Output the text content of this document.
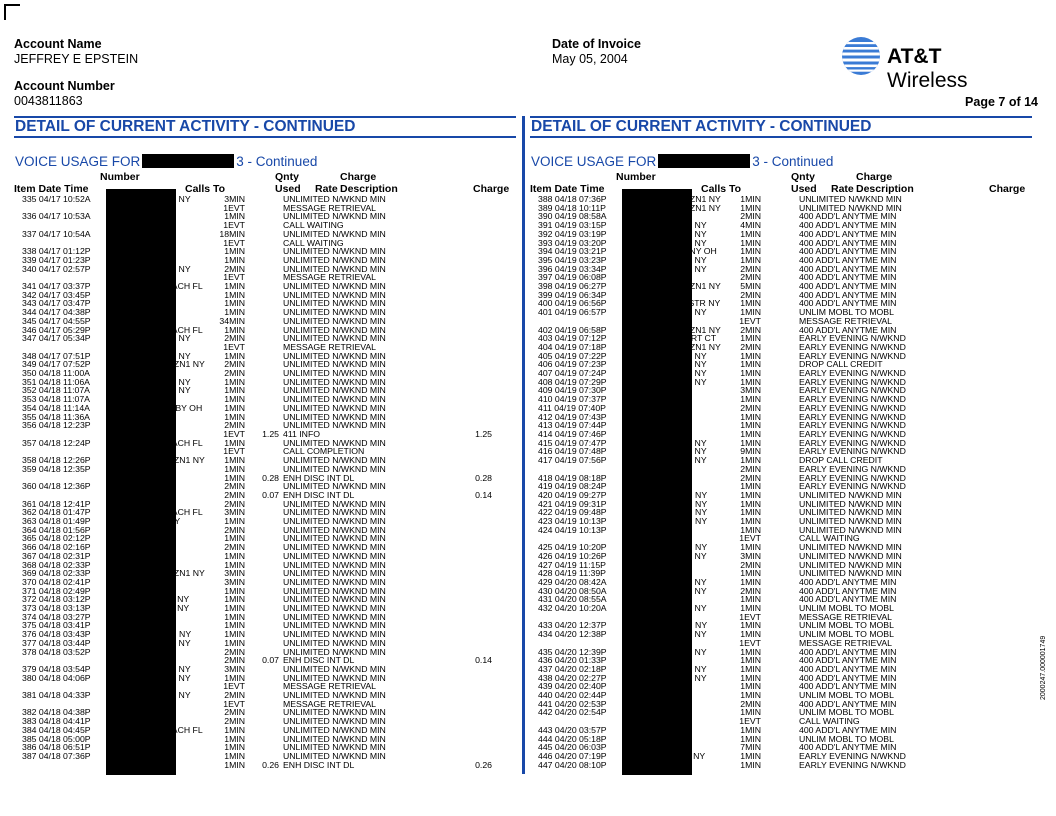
Account Name
JEFFREY E EPSTEIN
Account Number
0043811863
Date of Invoice
May 05, 2004	AT&T Wireless
Page 7 of 14
DETAIL OF CURRENT ACTIVITY - CONTINUED
VOICE USAGE FOR	3 - Continued
Number
Item Date Time	Calls To
Qnty
Used Rate
Charge
Description	Charge
335 04/17 10:52A	NEW YORK NY	3MIN		UNLIMITED N/WKND MIN	
		1EVT		MESSAGE RETRIEVAL	
336 04/17 10:53A	INCOMING	1MIN		UNLIMITED N/WKND MIN	
		1EVT		CALL WAITING	
337 04/17 10:54A	INCOMING	18MIN		UNLIMITED N/WKND MIN	
		1EVT		CALL WAITING	
338 04/17 01:12P	INCOMING	1MIN		UNLIMITED N/WKND MIN	
339 04/17 01:23P	INCOMING	1MIN		UNLIMITED N/WKND MIN	
340 04/17 02:57P	NEW YORK NY	2MIN		UNLIMITED N/WKND MIN	
		1EVT		MESSAGE RETRIEVAL	
341 04/17 03:37P	WPALMBEACH FL	1MIN		UNLIMITED N/WKND MIN	
342 04/17 03:45P	INCOMING	1MIN		UNLIMITED N/WKND MIN	
343 04/17 03:47P	INCOMING	1MIN		UNLIMITED N/WKND MIN	
344 04/17 04:38P	INCOMING	1MIN		UNLIMITED N/WKND MIN	
345 04/17 04:55P	INCOMING	34MIN		UNLIMITED N/WKND MIN	
346 04/17 05:29P	WPALMBEACH FL	1MIN		UNLIMITED N/WKND MIN	
347 04/17 05:34P	NEW YORK NY	2MIN		UNLIMITED N/WKND MIN	
		1EVT		MESSAGE RETRIEVAL	
348 04/17 07:51P	NEW YORK NY	1MIN		UNLIMITED N/WKND MIN	
349 04/17 07:52P	NEWYORKZN1 NY	2MIN		UNLIMITED N/WKND MIN	
350 04/18 11:00A	INCOMING	2MIN		UNLIMITED N/WKND MIN	
351 04/18 11:06A	NEW YORK NY	1MIN		UNLIMITED N/WKND MIN	
352 04/18 11:07A	NEW YORK NY	1MIN		UNLIMITED N/WKND MIN	
353 04/18 11:07A	INCOMING	1MIN		UNLIMITED N/WKND MIN	
354 04/18 11:14A	WILLOUGHBY OH	1MIN		UNLIMITED N/WKND MIN	
355 04/18 11:36A	INCOMING	1MIN		UNLIMITED N/WKND MIN	
356 04/18 12:23P		2MIN		UNLIMITED N/WKND MIN	
		1EVT	1.25	411 INFO	1.25
357 04/18 12:24P	WPALMBEACH FL	1MIN		UNLIMITED N/WKND MIN	
		1EVT		CALL COMPLETION	
358 04/18 12:26P	NEWYORKZN1 NY	1MIN		UNLIMITED N/WKND MIN	
359 04/18 12:35P	mobile FRA	1MIN		UNLIMITED N/WKND MIN	
		1MIN	0.28	ENH DISC INT DL	0.28
360 04/18 12:36P	FRANCE	2MIN		UNLIMITED N/WKND MIN	
		2MIN	0.07	ENH DISC INT DL	0.14
361 04/18 12:41P	INCOMING	2MIN		UNLIMITED N/WKND MIN	
362 04/18 01:47P	WPALMBEACH FL	3MIN		UNLIMITED N/WKND MIN	
363 04/18 01:49P	QUEENS NY	1MIN		UNLIMITED N/WKND MIN	
364 04/18 01:56P	INCOMING	2MIN		UNLIMITED N/WKND MIN	
365 04/18 02:12P	INCOMING	1MIN		UNLIMITED N/WKND MIN	
366 04/18 02:16P	INCOMING	2MIN		UNLIMITED N/WKND MIN	
367 04/18 02:31P	INCOMING	1MIN		UNLIMITED N/WKND MIN	
368 04/18 02:33P	INCOMING	1MIN		UNLIMITED N/WKND MIN	
369 04/18 02:33P	NEWYORKZN1 NY	3MIN		UNLIMITED N/WKND MIN	
370 04/18 02:41P	INCOMING	3MIN		UNLIMITED N/WKND MIN	
371 04/18 02:49P	INCOMING	1MIN		UNLIMITED N/WKND MIN	
372 04/18 03:12P	NY ZONE 1 NY	1MIN		UNLIMITED N/WKND MIN	
373 04/18 03:13P	NY ZONE 1 NY	1MIN		UNLIMITED N/WKND MIN	
374 04/18 03:27P	INCOMING	1MIN		UNLIMITED N/WKND MIN	
375 04/18 03:41P	INCOMING	1MIN		UNLIMITED N/WKND MIN	
376 04/18 03:43P	BROOKLYN NY	1MIN		UNLIMITED N/WKND MIN	
377 04/18 03:44P	NEW YORK NY	1MIN		UNLIMITED N/WKND MIN	
378 04/18 03:52P	FRANCE	2MIN		UNLIMITED N/WKND MIN	
		2MIN	0.07	ENH DISC INT DL	0.14
379 04/18 03:54P	NEW YORK NY	3MIN		UNLIMITED N/WKND MIN	
380 04/18 04:06P	NEW YORK NY	1MIN		UNLIMITED N/WKND MIN	
		1EVT		MESSAGE RETRIEVAL	
381 04/18 04:33P	NEW YORK NY	2MIN		UNLIMITED N/WKND MIN	
		1EVT		MESSAGE RETRIEVAL	
382 04/18 04:38P	INCOMING	2MIN		UNLIMITED N/WKND MIN	
383 04/18 04:41P	INCOMING	2MIN		UNLIMITED N/WKND MIN	
384 04/18 04:45P	WPALMBEACH FL	1MIN		UNLIMITED N/WKND MIN	
385 04/18 05:00P	INCOMING	1MIN		UNLIMITED N/WKND MIN	
386 04/18 06:51P	INCOMING	1MIN		UNLIMITED N/WKND MIN	
387 04/18 07:36P	mobile BRA	1MIN		UNLIMITED N/WKND MIN	
		1MIN	0.26	ENH DISC INT DL	0.26
DETAIL OF CURRENT ACTIVITY - CONTINUED
VOICE USAGE FOR	3 - Continued
Number
Item Date Time	Calls To
Qnty
Used Rate
Charge
Description	Charge
388 04/18 07:36P	NEWYORKZN1 NY	1MIN		UNLIMITED N/WKND MIN	
389 04/18 10:11P	NEWYORKZN1 NY	1MIN		UNLIMITED N/WKND MIN	
390 04/19 08:58A	INCOMING	2MIN		400 ADD'L ANYTME MIN	
391 04/19 03:15P	NEW YORK NY	4MIN		400 ADD'L ANYTME MIN	
392 04/19 03:19P	NEW YORK NY	1MIN		400 ADD'L ANYTME MIN	
393 04/19 03:20P	NEW YORK NY	1MIN		400 ADD'L ANYTME MIN	
394 04/19 03:21P	NEW ALBANY OH	1MIN		400 ADD'L ANYTME MIN	
395 04/19 03:23P	NEW YORK NY	1MIN		400 ADD'L ANYTME MIN	
396 04/19 03:34P	NEW YORK NY	2MIN		400 ADD'L ANYTME MIN	
397 04/19 06:08P	INCOMING	2MIN		400 ADD'L ANYTME MIN	
398 04/19 06:27P	NEWYORKZN1 NY	5MIN		400 ADD'L ANYTME MIN	
399 04/19 06:34P	INCOMING	2MIN		400 ADD'L ANYTME MIN	
400 04/19 06:56P	WESTCHESTR NY	1MIN		400 ADD'L ANYTME MIN	
401 04/19 06:57P	NEW YORK NY	1MIN		UNLIM MOBL TO MOBL	
		1EVT		MESSAGE RETRIEVAL	
402 04/19 06:58P	NEWYORKZN1 NY	2MIN		400 ADD'L ANYTME MIN	
403 04/19 07:12P	BRIDGEPORT CT	1MIN		EARLY EVENING N/WKND	
404 04/19 07:18P	NEWYORKZN1 NY	2MIN		EARLY EVENING N/WKND	
405 04/19 07:22P	NEW YORK NY	1MIN		EARLY EVENING N/WKND	
406 04/19 07:23P	NEW YORK NY	1MIN		DROP CALL CREDIT	
407 04/19 07:24P	NEW YORK NY	1MIN		EARLY EVENING N/WKND	
408 04/19 07:29P	NEW YORK NY	1MIN		EARLY EVENING N/WKND	
409 04/19 07:30P	INCOMING	3MIN		EARLY EVENING N/WKND	
410 04/19 07:37P	INCOMING	1MIN		EARLY EVENING N/WKND	
411 04/19 07:40P	INCOMING	2MIN		EARLY EVENING N/WKND	
412 04/19 07:43P	INCOMING	1MIN		EARLY EVENING N/WKND	
413 04/19 07:44P	INCOMING	1MIN		EARLY EVENING N/WKND	
414 04/19 07:46P	INCOMING	1MIN		EARLY EVENING N/WKND	
415 04/19 07:47P	NEW YORK NY	1MIN		EARLY EVENING N/WKND	
416 04/19 07:48P	NEW YORK NY	9MIN		EARLY EVENING N/WKND	
417 04/19 07:56P	NEW YORK NY	1MIN		DROP CALL CREDIT	
		2MIN		EARLY EVENING N/WKND	
418 04/19 08:18P	Toll Free CL	2MIN		EARLY EVENING N/WKND	
419 04/19 08:24P	INCOMING	1MIN		EARLY EVENING N/WKND	
420 04/19 09:27P	BROOKLYN NY	1MIN		UNLIMITED N/WKND MIN	
421 04/19 09:31P	BROOKLYN NY	1MIN		UNLIMITED N/WKND MIN	
422 04/19 09:48P	BROOKLYN NY	1MIN		UNLIMITED N/WKND MIN	
423 04/19 10:13P	BROOKLYN NY	1MIN		UNLIMITED N/WKND MIN	
424 04/19 10:13P	INCOMING	1MIN		UNLIMITED N/WKND MIN	
		1EVT		CALL WAITING	
425 04/19 10:20P	BROOKLYN NY	1MIN		UNLIMITED N/WKND MIN	
426 04/19 10:26P	NEW YORK NY	3MIN		UNLIMITED N/WKND MIN	
427 04/19 11:15P	INCOMING	2MIN		UNLIMITED N/WKND MIN	
428 04/19 11:39P	INCOMING	1MIN		UNLIMITED N/WKND MIN	
429 04/20 08:42A	NEW YORK NY	1MIN		400 ADD'L ANYTME MIN	
430 04/20 08:50A	NEW YORK NY	2MIN		400 ADD'L ANYTME MIN	
431 04/20 08:55A	INCOMING	1MIN		400 ADD'L ANYTME MIN	
432 04/20 10:20A	NEW YORK NY	1MIN		UNLIM MOBL TO MOBL	
		1EVT		MESSAGE RETRIEVAL	
433 04/20 12:37P	BROOKLYN NY	1MIN		UNLIM MOBL TO MOBL	
434 04/20 12:38P	NEW YORK NY	1MIN		UNLIM MOBL TO MOBL	
		1EVT		MESSAGE RETRIEVAL	
435 04/20 12:39P	NEW YORK NY	1MIN		400 ADD'L ANYTME MIN	
436 04/20 01:33P	INCOMING	1MIN		400 ADD'L ANYTME MIN	
437 04/20 02:18P	NEW YORK NY	1MIN		400 ADD'L ANYTME MIN	
438 04/20 02:27P	NEW YORK NY	1MIN		400 ADD'L ANYTME MIN	
439 04/20 02:40P	INCOMING	1MIN		400 ADD'L ANYTME MIN	
440 04/20 02:44P	INCOMING	1MIN		UNLIM MOBL TO MOBL	
441 04/20 02:53P	INCOMING	2MIN		400 ADD'L ANYTME MIN	
442 04/20 02:54P	INCOMING	1MIN		UNLIM MOBL TO MOBL	
		1EVT		CALL WAITING	
443 04/20 03:57P	INCOMING	1MIN		400 ADD'L ANYTME MIN	
444 04/20 05:18P	INCOMING	1MIN		UNLIM MOBL TO MOBL	
445 04/20 06:03P	INCOMING	7MIN		400 ADD'L ANYTME MIN	
446 04/20 07:19P	NY ZONE 1 NY	1MIN		EARLY EVENING N/WKND	
447 04/20 08:10P	INCOMING	1MIN		EARLY EVENING N/WKND	
2000247.000001749
